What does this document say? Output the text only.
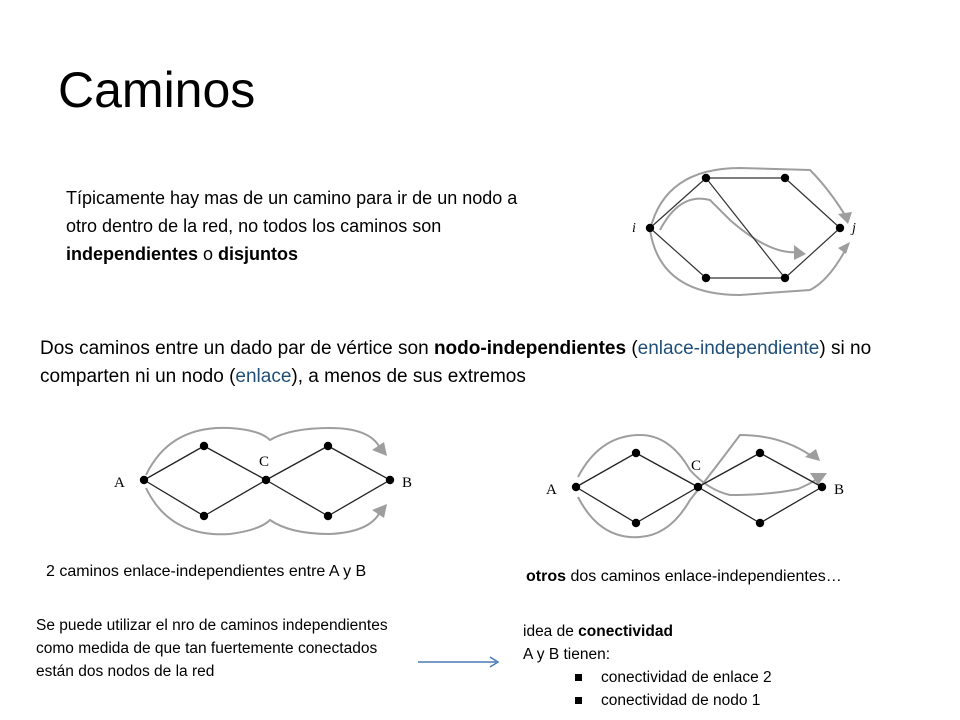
Caminos
Típicamente hay mas de un camino para ir de un nodo a otro dentro de la red, no todos los caminos son independientes o disjuntos
i	j
Dos caminos entre un dado par de vértice son nodo-independientes (enlace-independiente) si no comparten ni un nodo (enlace), a menos de sus extremos
A	B
C
A	B
C
2 caminos enlace-independientes entre A y B	otros dos caminos enlace-independientes…
Se puede utilizar el nro de caminos independientes como medida de que tan fuertemente conectados están dos nodos de la red
idea de conectividad
A y B tienen:
conectividad de enlace 2
conectividad de nodo 1
